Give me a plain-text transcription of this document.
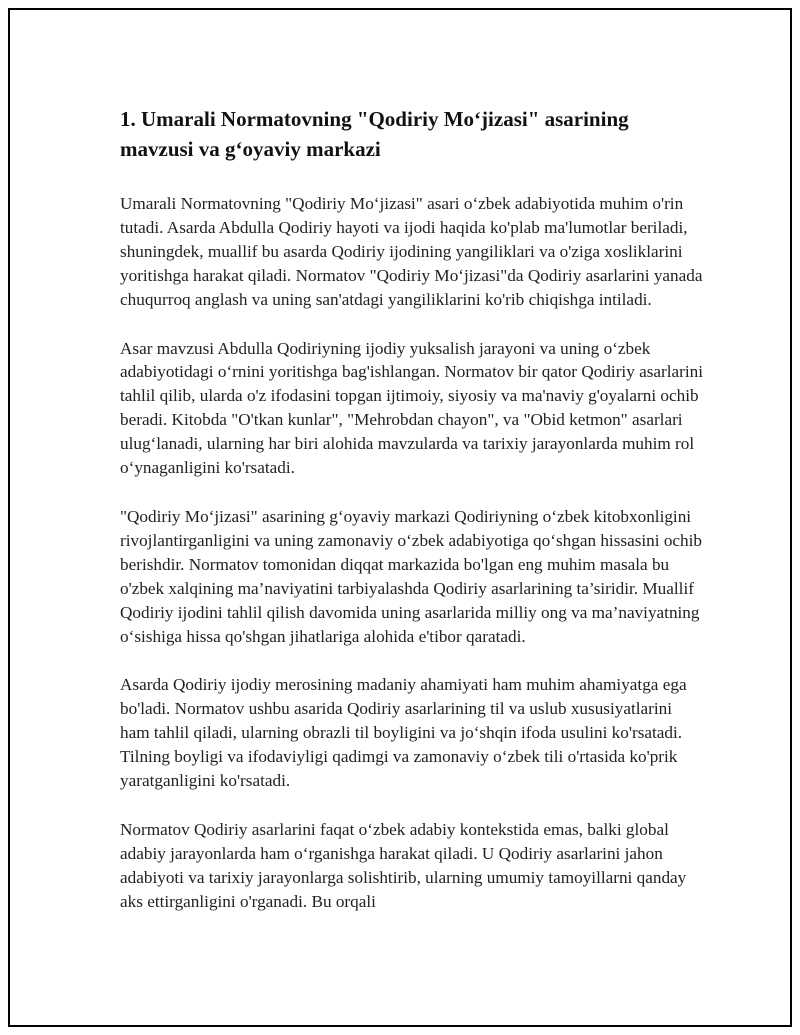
1. Umarali Normatovning "Qodiriy Mo‘jizasi" asarining mavzusi va g‘oyaviy markazi

Umarali Normatovning "Qodiriy Mo‘jizasi" asari o‘zbek adabiyotida muhim o'rin tutadi. Asarda Abdulla Qodiriy hayoti va ijodi haqida ko'plab ma'lumotlar beriladi, shuningdek, muallif bu asarda Qodiriy ijodining yangiliklari va o'ziga xosliklarini yoritishga harakat qiladi. Normatov "Qodiriy Mo‘jizasi"da Qodiriy asarlarini yanada chuqurroq anglash va uning san'atdagi yangiliklarini ko'rib chiqishga intiladi.

Asar mavzusi Abdulla Qodiriyning ijodiy yuksalish jarayoni va uning o‘zbek adabiyotidagi o‘rnini yoritishga bag'ishlangan. Normatov bir qator Qodiriy asarlarini tahlil qilib, ularda o'z ifodasini topgan ijtimoiy, siyosiy va ma'naviy g'oyalarni ochib beradi. Kitobda "O'tkan kunlar", "Mehrobdan chayon", va "Obid ketmon" asarlari ulug‘lanadi, ularning har biri alohida mavzularda va tarixiy jarayonlarda muhim rol o‘ynaganligini ko'rsatadi.

"Qodiriy Mo‘jizasi" asarining g‘oyaviy markazi Qodiriyning o‘zbek kitobxonligini rivojlantirganligini va uning zamonaviy o‘zbek adabiyotiga qo‘shgan hissasini ochib berishdir. Normatov tomonidan diqqat markazida bo'lgan eng muhim masala bu o'zbek xalqining ma’naviyatini tarbiyalashda Qodiriy asarlarining ta’siridir. Muallif Qodiriy ijodini tahlil qilish davomida uning asarlarida milliy ong va ma’naviyatning o‘sishiga hissa qo'shgan jihatlariga alohida e'tibor qaratadi.

Asarda Qodiriy ijodiy merosining madaniy ahamiyati ham muhim ahamiyatga ega bo'ladi. Normatov ushbu asarida Qodiriy asarlarining til va uslub xususiyatlarini ham tahlil qiladi, ularning obrazli til boyligini va jo‘shqin ifoda usulini ko'rsatadi. Tilning boyligi va ifodaviyligi qadimgi va zamonaviy o‘zbek tili o'rtasida ko'prik yaratganligini ko'rsatadi.

Normatov Qodiriy asarlarini faqat o‘zbek adabiy kontekstida emas, balki global adabiy jarayonlarda ham o‘rganishga harakat qiladi. U Qodiriy asarlarini jahon adabiyoti va tarixiy jarayonlarga solishtirib, ularning umumiy tamoyillarni qanday aks ettirganligini o'rganadi. Bu orqali
